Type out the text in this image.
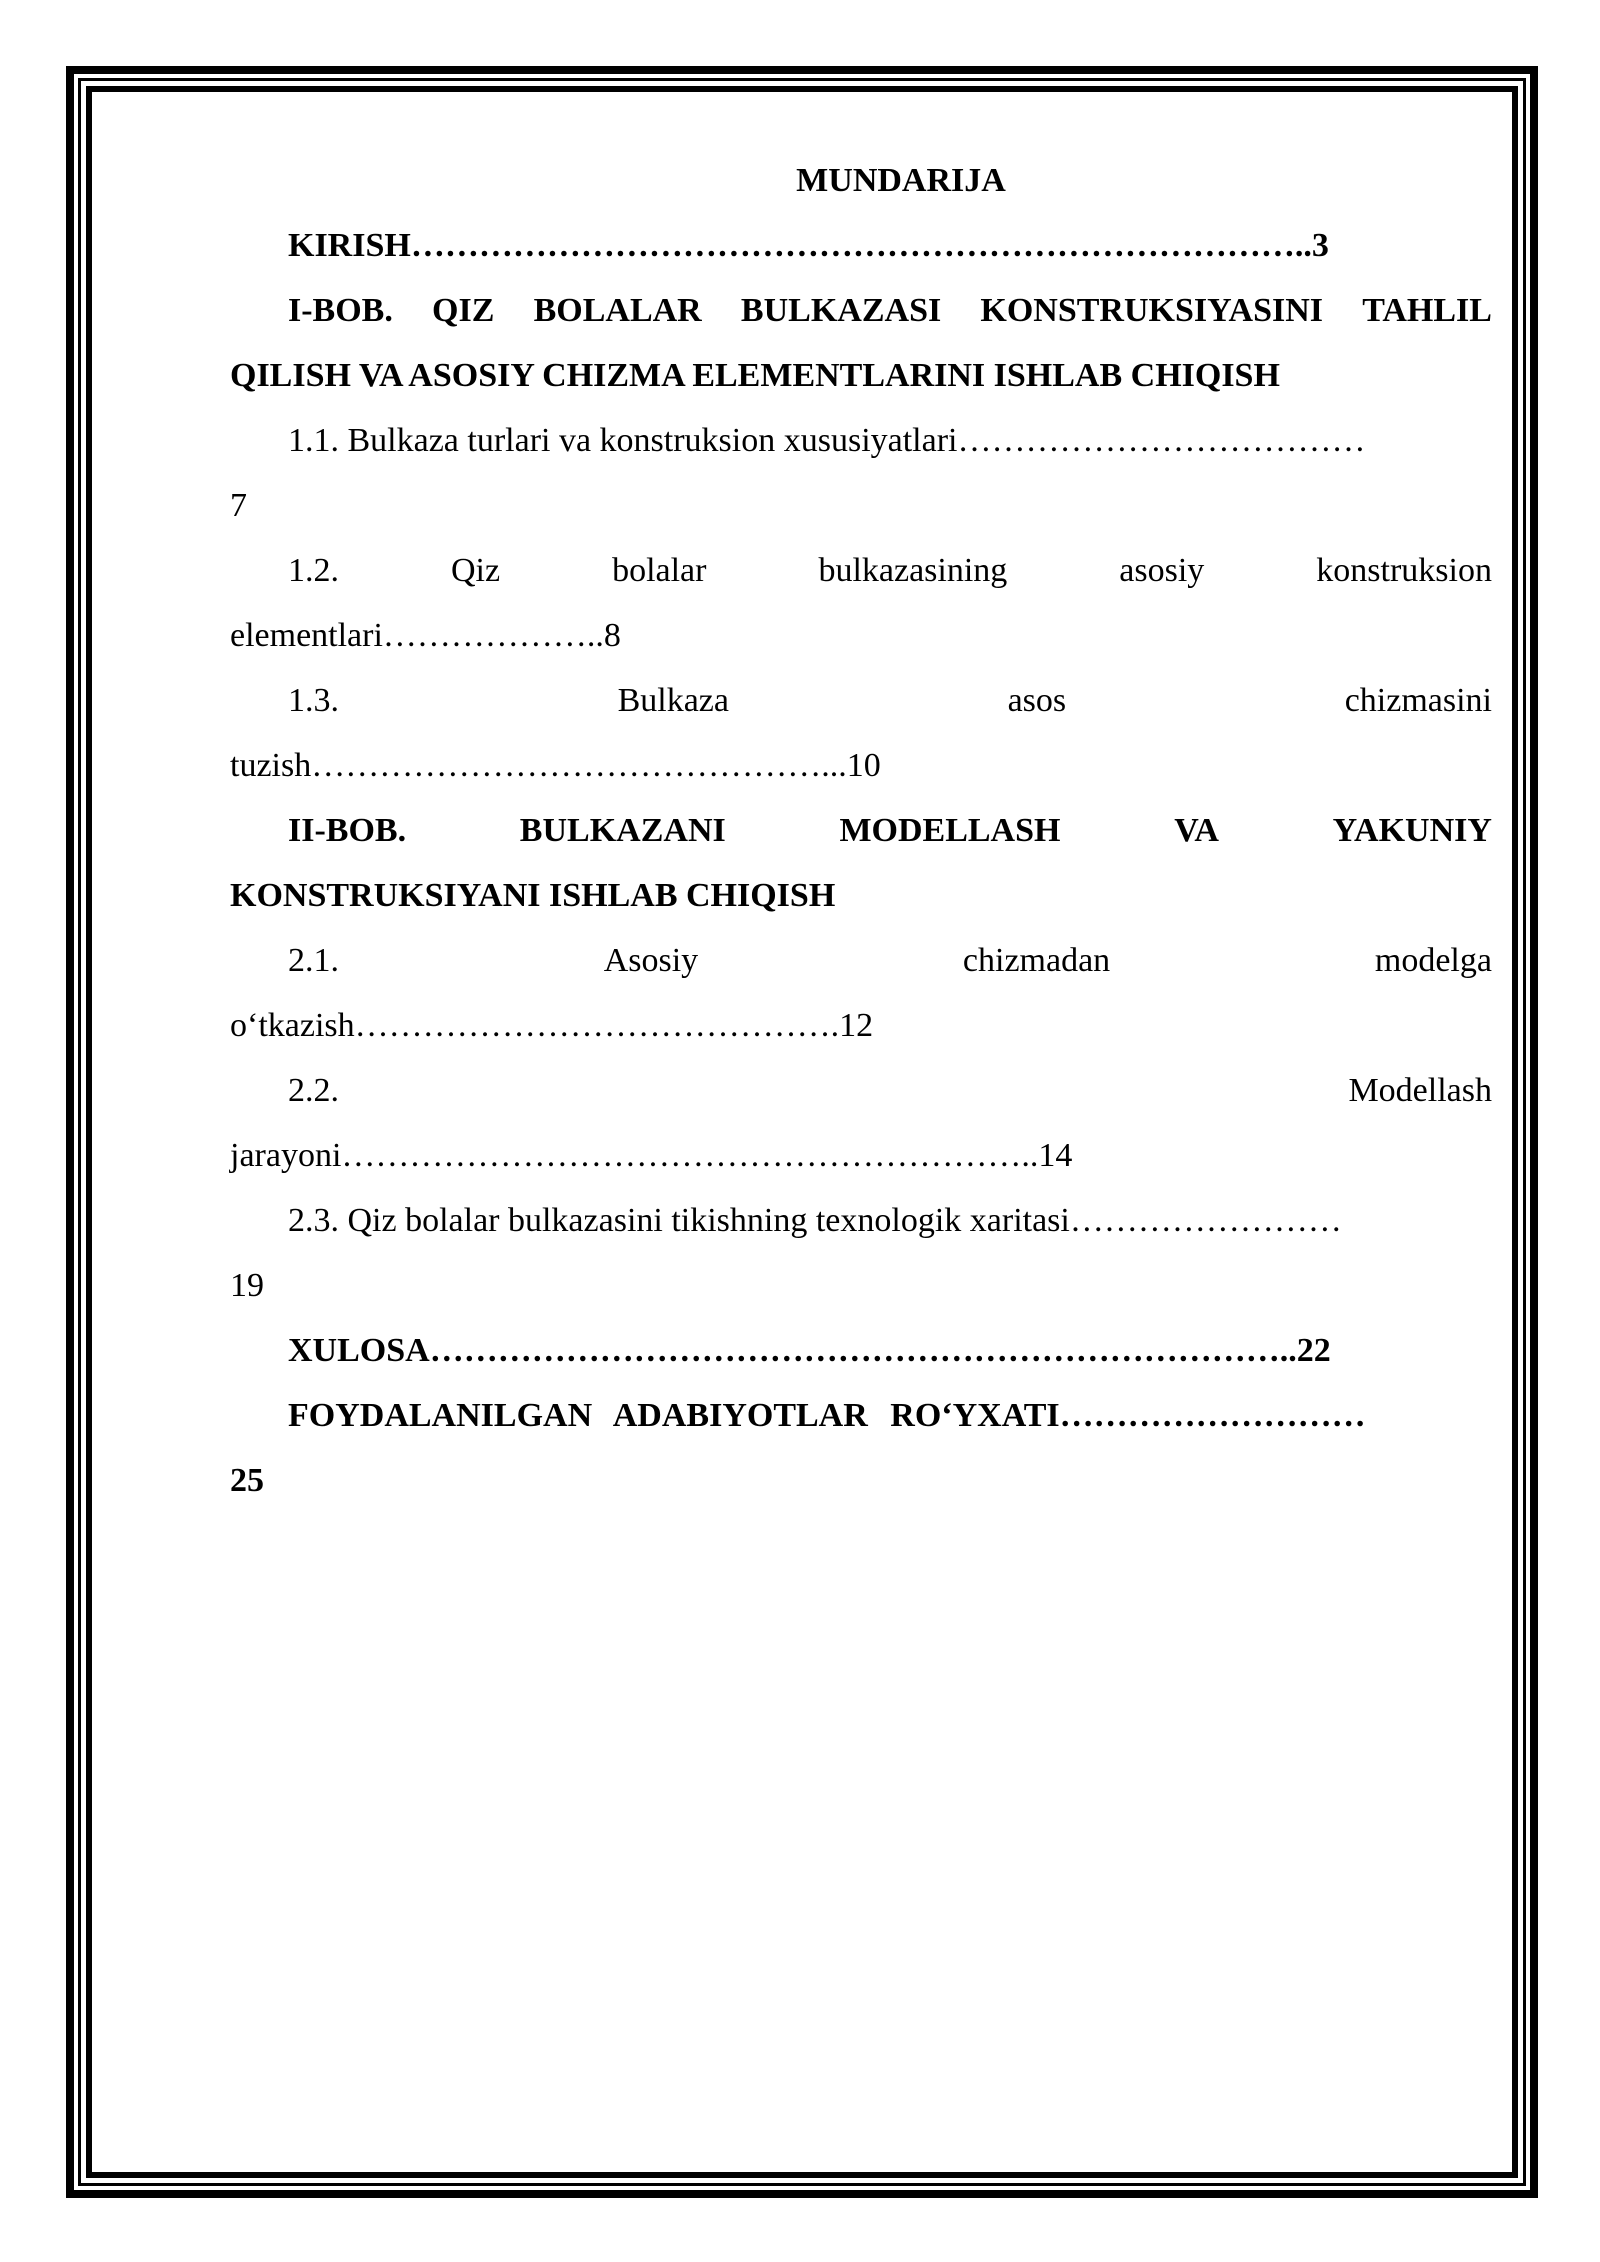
MUNDARIJA

KIRISH……………………………………………………………………..3

I-BOB. QIZ BOLALAR BULKAZASI KONSTRUKSIYASINI TAHLIL
QILISH VA ASOSIY CHIZMA ELEMENTLARINI ISHLAB CHIQISH
1.1. Bulkaza turlari va konstruksion xususiyatlari………………………………
7
1.2.	Qiz	bolalar	bulkazasining	asosiy	konstruksion
elementlari………………..8
1.3.	Bulkaza	asos	chizmasini
tuzish………………………………………...10
II-BOB.	BULKAZANI	MODELLASH	VA	YAKUNIY
KONSTRUKSIYANI ISHLAB CHIQISH
2.1.	Asosiy	chizmadan	modelga
o‘tkazish…………………………………….12
2.2.	Modellash
jarayoni……………………………………………………..14
2.3. Qiz bolalar bulkazasini tikishning texnologik xaritasi……………………
19
XULOSA…………………………………………………………………..22
FOYDALANILGAN ADABIYOTLAR RO‘YXATI………………………
25
